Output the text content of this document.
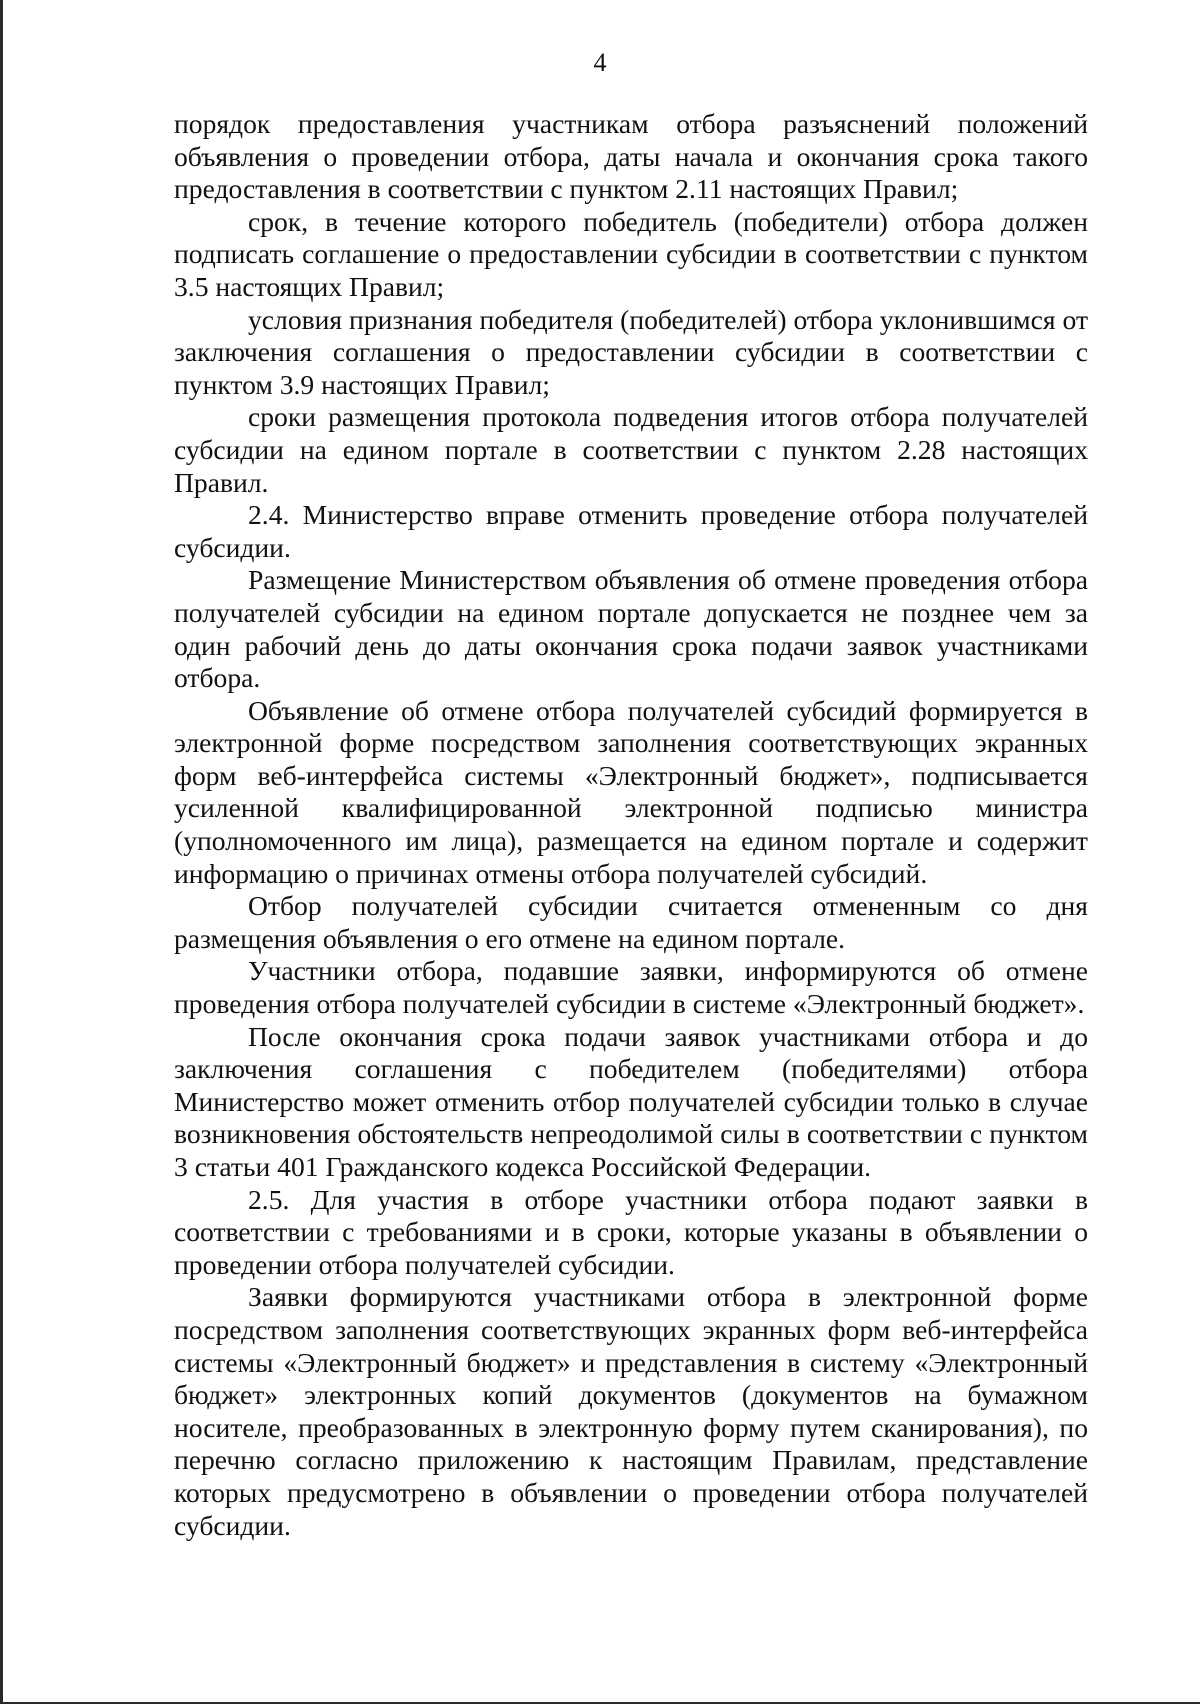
4

порядок предоставления участникам отбора разъяснений положений объявления о проведении отбора, даты начала и окончания срока такого предоставления в соответствии с пунктом 2.11 настоящих Правил;

срок, в течение которого победитель (победители) отбора должен подписать соглашение о предоставлении субсидии в соответствии с пунктом 3.5 настоящих Правил;

условия признания победителя (победителей) отбора уклонившимся от заключения соглашения о предоставлении субсидии в соответствии с пунктом 3.9 настоящих Правил;

сроки размещения протокола подведения итогов отбора получателей субсидии на едином портале в соответствии с пунктом 2.28 настоящих Правил.

2.4. Министерство вправе отменить проведение отбора получателей субсидии.

Размещение Министерством объявления об отмене проведения отбора получателей субсидии на едином портале допускается не позднее чем за один рабочий день до даты окончания срока подачи заявок участниками отбора.

Объявление об отмене отбора получателей субсидий формируется в электронной форме посредством заполнения соответствующих экранных форм веб-интерфейса системы «Электронный бюджет», подписывается усиленной квалифицированной электронной подписью министра (уполномоченного им лица), размещается на едином портале и содержит информацию о причинах отмены отбора получателей субсидий.

Отбор получателей субсидии считается отмененным со дня размещения объявления о его отмене на едином портале.

Участники отбора, подавшие заявки, информируются об отмене проведения отбора получателей субсидии в системе «Электронный бюджет».

После окончания срока подачи заявок участниками отбора и до заключения соглашения с победителем (победителями) отбора Министерство может отменить отбор получателей субсидии только в случае возникновения обстоятельств непреодолимой силы в соответствии с пунктом 3 статьи 401 Гражданского кодекса Российской Федерации.

2.5. Для участия в отборе участники отбора подают заявки в соответствии с требованиями и в сроки, которые указаны в объявлении о проведении отбора получателей субсидии.

Заявки формируются участниками отбора в электронной форме посредством заполнения соответствующих экранных форм веб-интерфейса системы «Электронный бюджет» и представления в систему «Электронный бюджет» электронных копий документов (документов на бумажном носителе, преобразованных в электронную форму путем сканирования), по перечню согласно приложению к настоящим Правилам, представление которых предусмотрено в объявлении о проведении отбора получателей субсидии.
